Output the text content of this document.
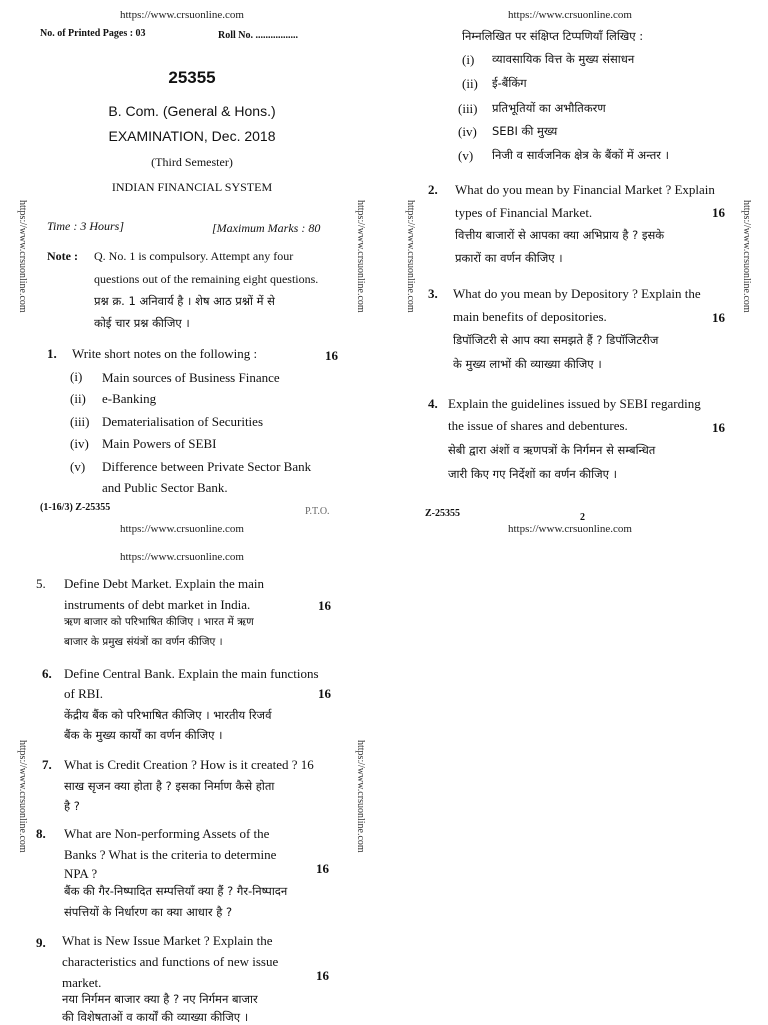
https://www.crsuonline.com	https://www.crsuonline.com
https://www.crsuonline.com	https://www.crsuonline.com
https://www.crsuonline.com
https://www.crsuonline.com	https://www.crsuonline.com	https://www.crsuonline.com	https://www.crsuonline.com
https://www.crsuonline.com	https://www.crsuonline.com
No. of Printed Pages : 03	Roll No. .................
25355
B. Com. (General & Hons.)
EXAMINATION, Dec. 2018
(Third Semester)
INDIAN FINANCIAL SYSTEM
Time : 3 Hours]	[Maximum Marks : 80
Note : Q. No. 1 is compulsory. Attempt any four
questions out of the remaining eight questions.
प्रश्न क्र. 1 अनिवार्य है । शेष आठ प्रश्नों में से
कोई चार प्रश्न कीजिए ।
1. Write short notes on the following :	16
(i) Main sources of Business Finance
(ii) e-Banking
(iii) Dematerialisation of Securities
(iv) Main Powers of SEBI
(v) Difference between Private Sector Bank
and Public Sector Bank.
(1-16/3) Z-25355	P.T.O.
निम्नलिखित पर संक्षिप्त टिप्पणियाँ लिखिए :
(i) व्यावसायिक वित्त के मुख्य संसाधन
(ii) ई-बैंकिंग
(iii) प्रतिभूतियों का अभौतिकरण
(iv) SEBI की मुख्य
(v) निजी व सार्वजनिक क्षेत्र के बैंकों में अन्तर ।
2. What do you mean by Financial Market ? Explain
types of Financial Market.	16
वित्तीय बाजारों से आपका क्या अभिप्राय है ? इसके
प्रकारों का वर्णन कीजिए ।
3. What do you mean by Depository ? Explain the
main benefits of depositories.	16
डिपॉजिटरी से आप क्या समझते हैं ? डिपॉजिटरीज
के मुख्य लाभों की व्याख्या कीजिए ।
4. Explain the guidelines issued by SEBI regarding
the issue of shares and debentures.	16
सेबी द्वारा अंशों व ऋणपत्रों के निर्गमन से सम्बन्धित
जारी किए गए निर्देशों का वर्णन कीजिए ।
Z-25355	2
5. Define Debt Market. Explain the main
instruments of debt market in India.	16
ऋण बाजार को परिभाषित कीजिए । भारत में ऋण
बाजार के प्रमुख संयंत्रों का वर्णन कीजिए ।
6. Define Central Bank. Explain the main functions
of RBI.	16
केंद्रीय बैंक को परिभाषित कीजिए । भारतीय रिजर्व
बैंक के मुख्य कार्यों का वर्णन कीजिए ।
7. What is Credit Creation ? How is it created ? 16
साख सृजन क्या होता है ? इसका निर्माण कैसे होता
है ?
8. What are Non-performing Assets of the
Banks ? What is the criteria to determine
NPA ?	16
बैंक की गैर-निष्पादित सम्पत्तियाँ क्या हैं ? गैर-निष्पादन
संपत्तियों के निर्धारण का क्या आधार है ?
9. What is New Issue Market ? Explain the
characteristics and functions of new issue
market.	16
नया निर्गमन बाजार क्या है ? नए निर्गमन बाजार
की विशेषताओं व कार्यों की व्याख्या कीजिए ।
